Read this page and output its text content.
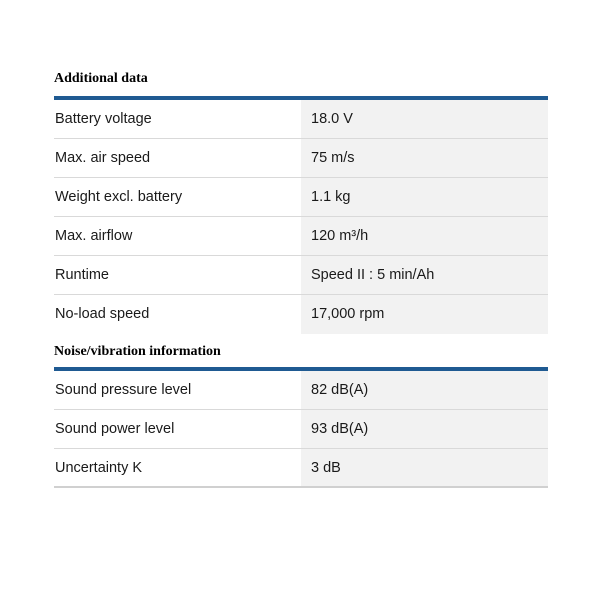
Additional data
Battery voltage	18.0 V
Max. air speed	75 m/s
Weight excl. battery	1.1 kg
Max. airflow	120 m³/h
Runtime	Speed II : 5 min/Ah
No-load speed	17,000 rpm
Noise/vibration information
Sound pressure level	82 dB(A)
Sound power level	93 dB(A)
Uncertainty K	3 dB
